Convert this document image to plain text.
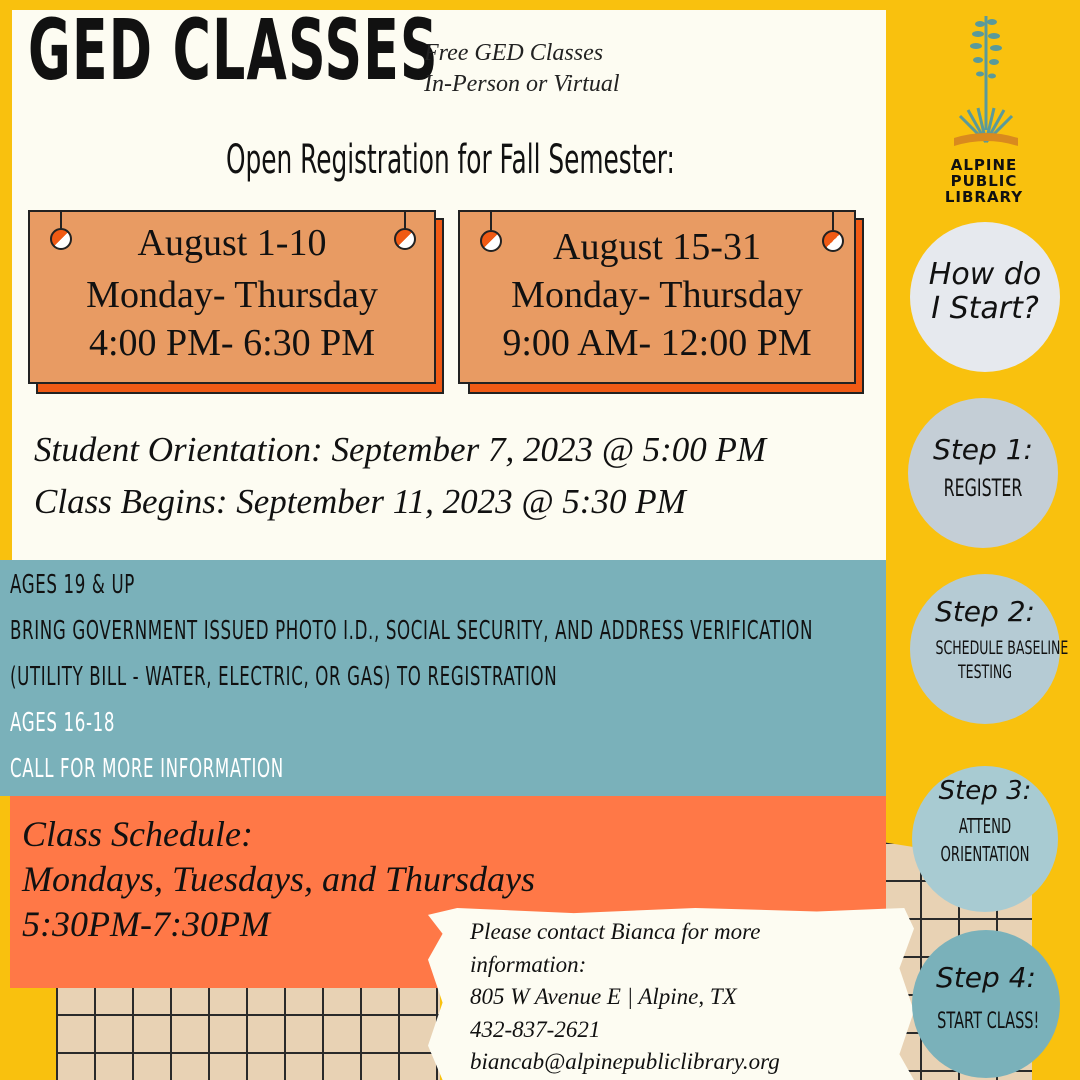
GED CLASSES
Free GED Classes
In-Person or Virtual
Open Registration for Fall Semester:
August 1-10
Monday- Thursday
4:00 PM- 6:30 PM
August 15-31
Monday- Thursday
9:00 AM- 12:00 PM
Student Orientation: September 7, 2023 @ 5:00 PM
Class Begins: September 11, 2023 @ 5:30 PM
AGES 19 & UP
BRING GOVERNMENT ISSUED PHOTO I.D., SOCIAL SECURITY, AND ADDRESS VERIFICATION
(UTILITY BILL - WATER, ELECTRIC, OR GAS) TO REGISTRATION
AGES 16-18
CALL FOR MORE INFORMATION
Class Schedule:
Mondays, Tuesdays, and Thursdays
5:30PM-7:30PM	Please contact Bianca for more
information:
805 W Avenue E | Alpine, TX
432-837-2621
biancab@alpinepubliclibrary.org
ALPINE
PUBLIC
LIBRARY
How do
I Start?
Step 1:
REGISTER
Step 2:
SCHEDULE BASELINE
TESTING
Step 3:
ATTEND
ORIENTATION
Step 4:
START CLASS!
